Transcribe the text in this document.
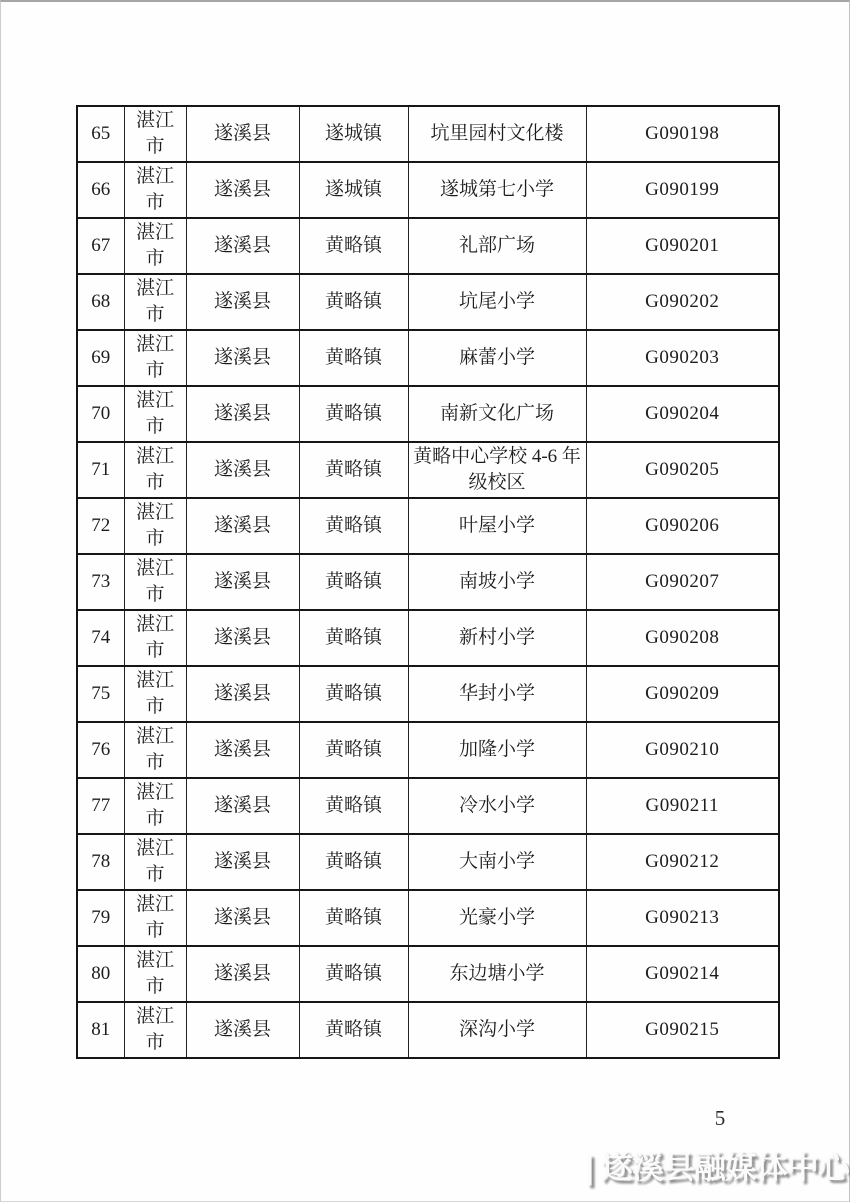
65	湛江市	遂溪县	遂城镇	坑里园村文化楼	G090198
66	湛江市	遂溪县	遂城镇	遂城第七小学	G090199
67	湛江市	遂溪县	黄略镇	礼部广场	G090201
68	湛江市	遂溪县	黄略镇	坑尾小学	G090202
69	湛江市	遂溪县	黄略镇	麻蕾小学	G090203
70	湛江市	遂溪县	黄略镇	南新文化广场	G090204
71	湛江市	遂溪县	黄略镇	黄略中心学校 4-6 年级校区	G090205
72	湛江市	遂溪县	黄略镇	叶屋小学	G090206
73	湛江市	遂溪县	黄略镇	南坡小学	G090207
74	湛江市	遂溪县	黄略镇	新村小学	G090208
75	湛江市	遂溪县	黄略镇	华封小学	G090209
76	湛江市	遂溪县	黄略镇	加隆小学	G090210
77	湛江市	遂溪县	黄略镇	冷水小学	G090211
78	湛江市	遂溪县	黄略镇	大南小学	G090212
79	湛江市	遂溪县	黄略镇	光豪小学	G090213
80	湛江市	遂溪县	黄略镇	东边塘小学	G090214
81	湛江市	遂溪县	黄略镇	深沟小学	G090215
5
| 遂溪县融媒体中心
